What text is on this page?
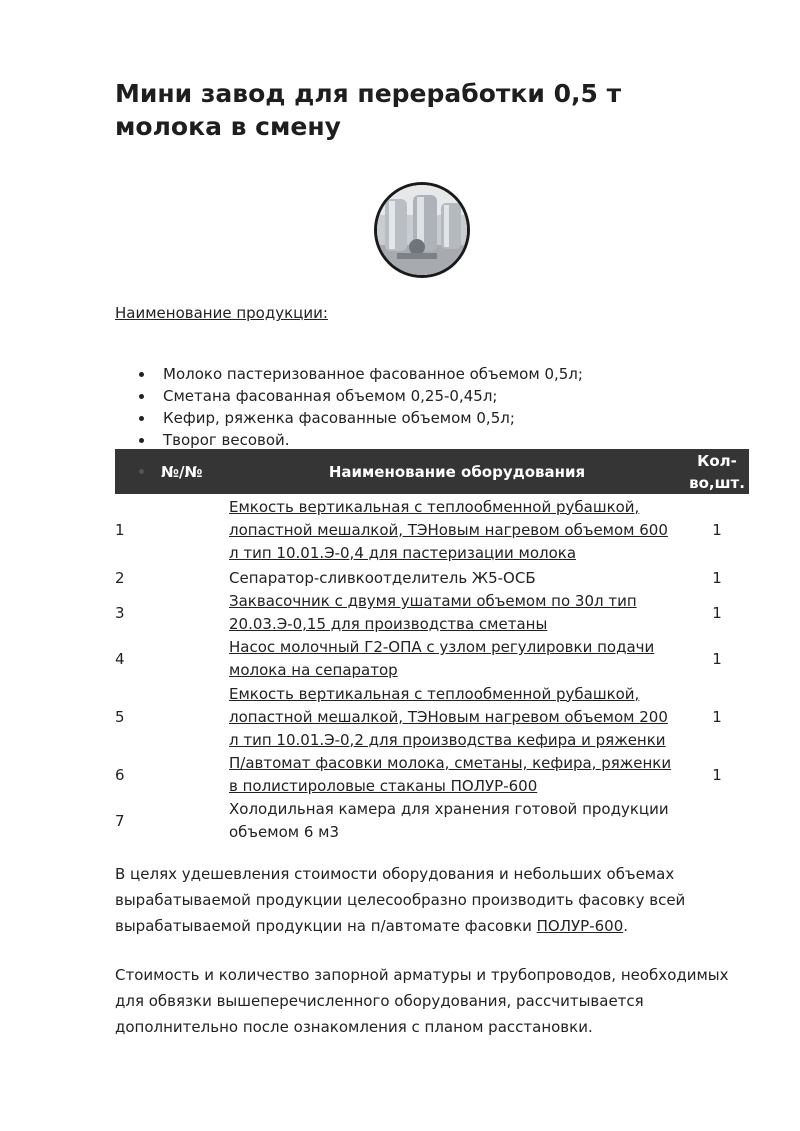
Мини завод для переработки 0,5 т молока в смену
Наименование продукции:
Молоко пастеризованное фасованное объемом 0,5л;
Сметана фасованная объемом 0,25-0,45л;
Кефир, ряженка фасованные объемом 0,5л;
Творог весовой.
№/№	Наименование оборудования	Кол-
во,шт.
1	Емкость вертикальная с теплообменной рубашкой, лопастной мешалкой, ТЭНовым нагревом объемом 600 л тип 10.01.Э-0,4 для пастеризации молока	1
2	Сепаратор-сливкоотделитель Ж5-ОСБ	1
3	Заквасочник с двумя ушатами объемом по 30л тип 20.03.Э-0,15 для производства сметаны	1
4	Насос молочный Г2-ОПА с узлом регулировки подачи молока на сепаратор	1
5	Емкость вертикальная с теплообменной рубашкой, лопастной мешалкой, ТЭНовым нагревом объемом 200 л тип 10.01.Э-0,2 для производства кефира и ряженки	1
6	П/автомат фасовки молока, сметаны, кефира, ряженки в полистироловые стаканы ПОЛУР-600	1
7	Холодильная камера для хранения готовой продукции объемом 6 м3	

В целях удешевления стоимости оборудования и небольших объемах вырабатываемой продукции целесообразно производить фасовку всей вырабатываемой продукции на п/автомате фасовки ПОЛУР-600.

Стоимость и количество запорной арматуры и трубопроводов, необходимых для обвязки вышеперечисленного оборудования, рассчитывается дополнительно после ознакомления с планом расстановки.
